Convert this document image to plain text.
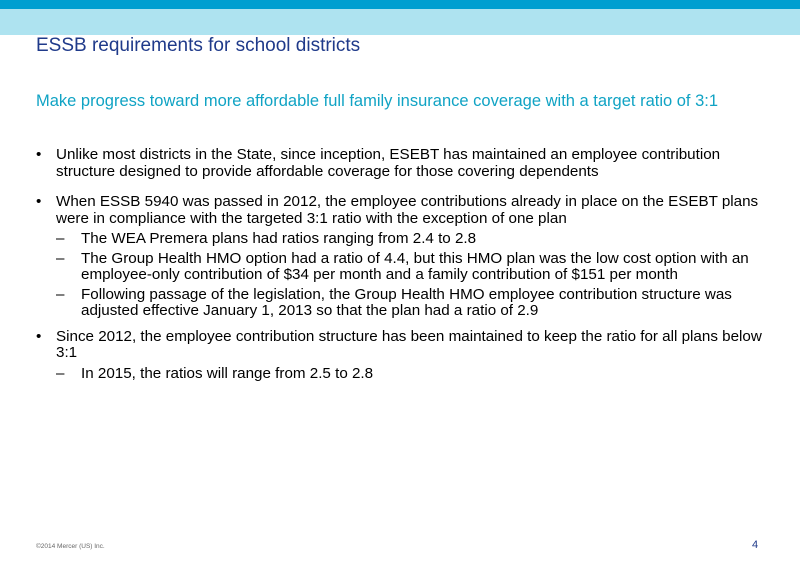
ESSB requirements for school districts
Make progress toward more affordable full family insurance coverage with a target ratio of 3:1
• Unlike most districts in the State, since inception, ESEBT has maintained an employee contribution structure designed to provide affordable coverage for those covering dependents
• When ESSB 5940 was passed in 2012, the employee contributions already in place on the ESEBT plans were in compliance with the targeted 3:1 ratio with the exception of one plan
– The WEA Premera plans had ratios ranging from 2.4 to 2.8
– The Group Health HMO option had a ratio of 4.4, but this HMO plan was the low cost option with an employee-only contribution of $34 per month and a family contribution of $151 per month
– Following passage of the legislation, the Group Health HMO employee contribution structure was adjusted effective January 1, 2013 so that the plan had a ratio of 2.9
• Since 2012, the employee contribution structure has been maintained to keep the ratio for all plans below 3:1
– In 2015, the ratios will range from 2.5 to 2.8
©2014 Mercer (US) Inc.	4
